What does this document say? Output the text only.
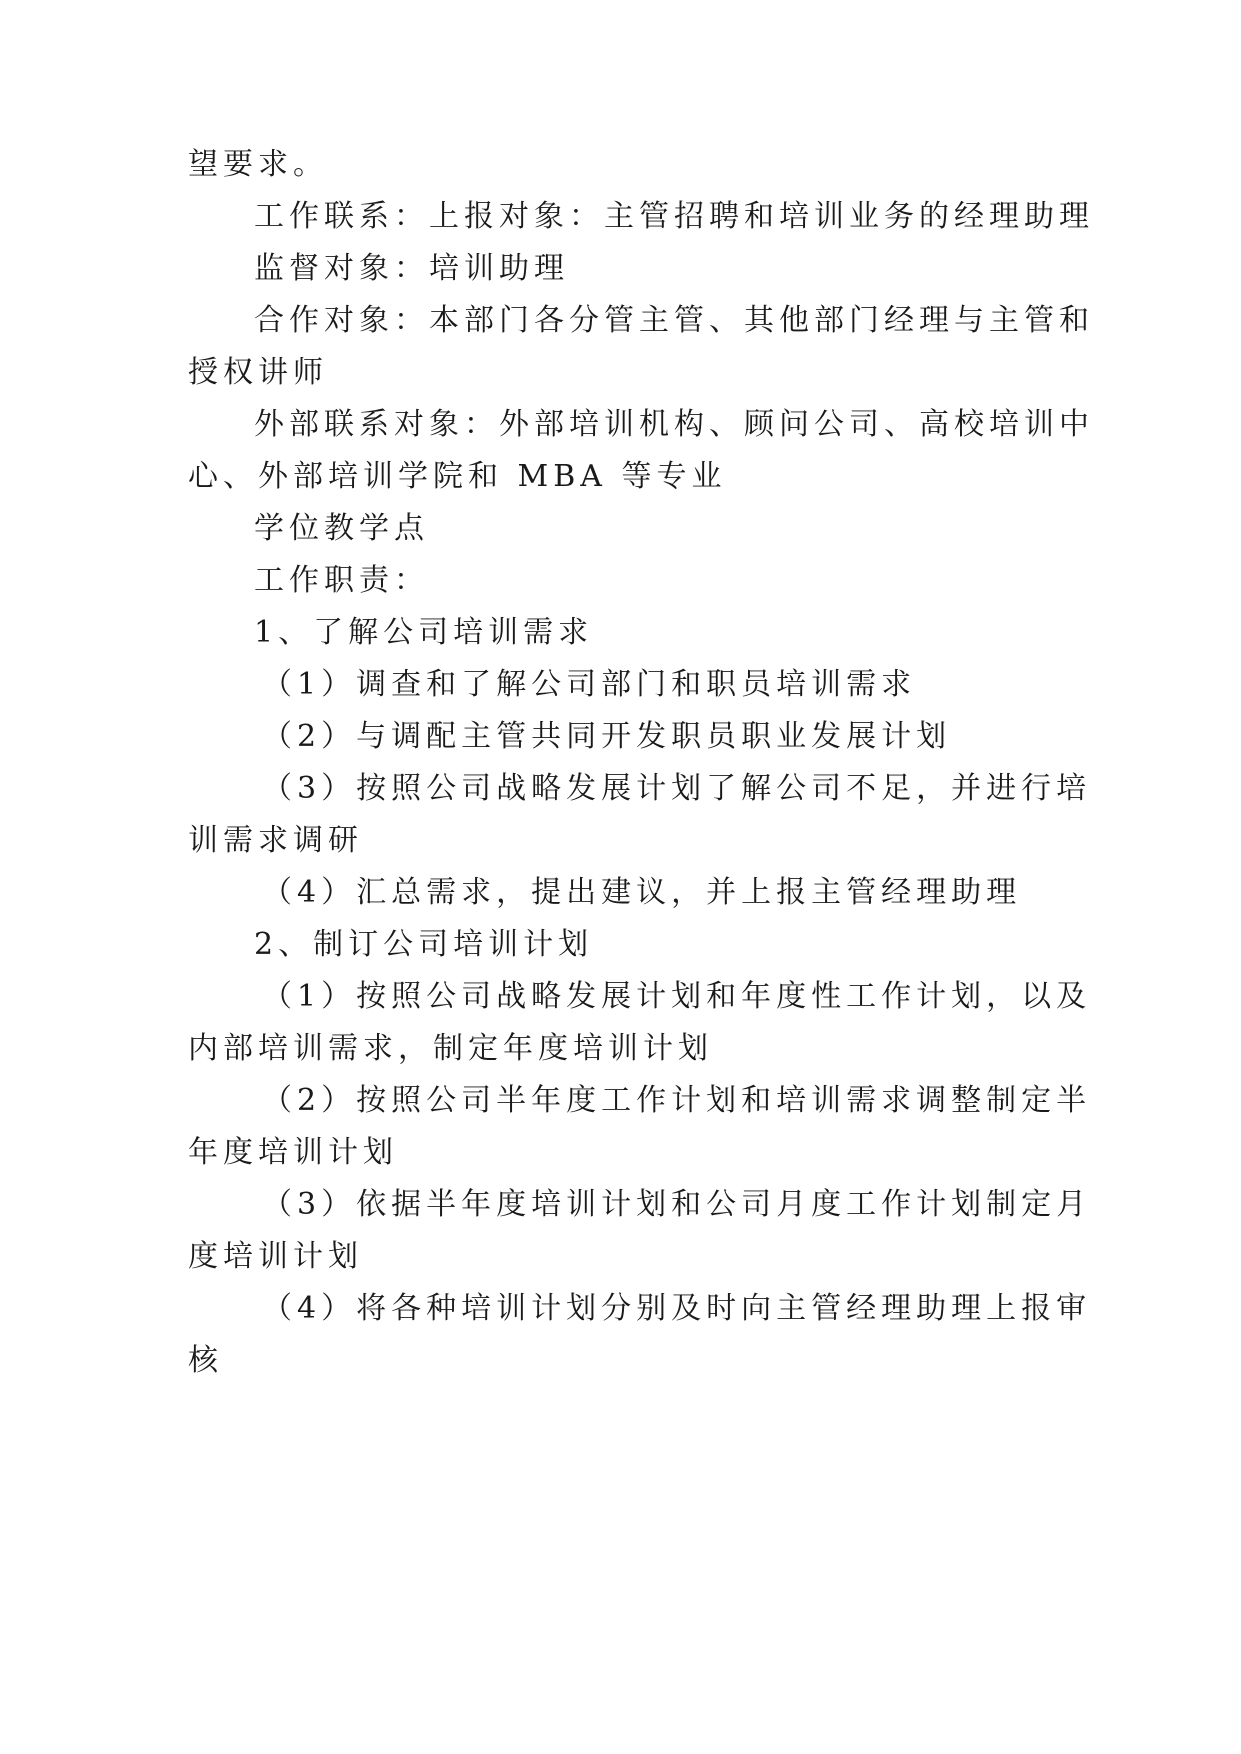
望要求。
工作联系：上报对象：主管招聘和培训业务的经理助理
监督对象：培训助理
合作对象：本部门各分管主管、其他部门经理与主管和
授权讲师
外部联系对象：外部培训机构、顾问公司、高校培训中
心、外部培训学院和 MBA 等专业
学位教学点
工作职责：
1、了解公司培训需求
（1）调查和了解公司部门和职员培训需求
（2）与调配主管共同开发职员职业发展计划
（3）按照公司战略发展计划了解公司不足，并进行培
训需求调研
（4）汇总需求，提出建议，并上报主管经理助理
2、制订公司培训计划
（1）按照公司战略发展计划和年度性工作计划，以及
内部培训需求，制定年度培训计划
（2）按照公司半年度工作计划和培训需求调整制定半
年度培训计划
（3）依据半年度培训计划和公司月度工作计划制定月
度培训计划
（4）将各种培训计划分别及时向主管经理助理上报审
核
